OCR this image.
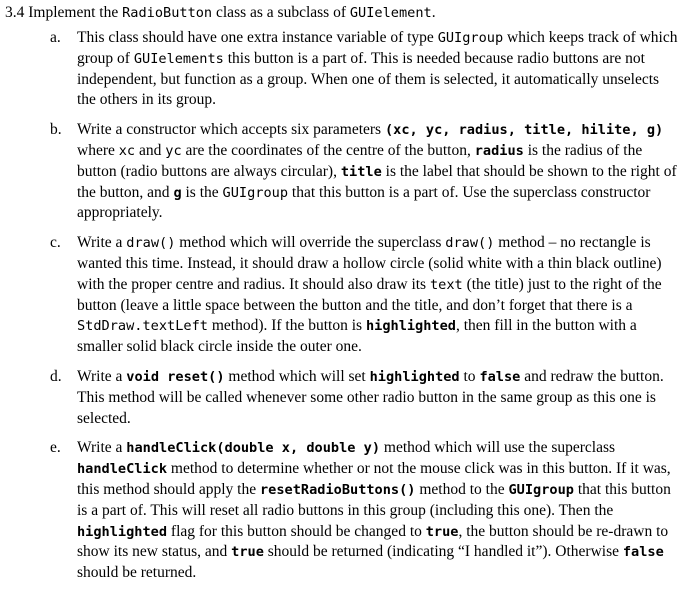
3.4 Implement the RadioButton class as a subclass of GUIelement.
a.	This class should have one extra instance variable of type GUIgroup which keeps track of which group of GUIelements this button is a part of. This is needed because radio buttons are not independent, but function as a group. When one of them is selected, it automatically unselects the others in its group.

b. Write a constructor which accepts six parameters (xc, yc, radius, title, hilite, g) where xc and yc are the coordinates of the centre of the button, radius is the radius of the button (radio buttons are always circular), title is the label that should be shown to the right of the button, and g is the GUIgroup that this button is a part of. Use the superclass constructor appropriately.

c.	Write a draw() method which will override the superclass draw() method – no rectangle is wanted this time. Instead, it should draw a hollow circle (solid white with a thin black outline) with the proper centre and radius. It should also draw its text (the title) just to the right of the button (leave a little space between the button and the title, and don’t forget that there is a StdDraw.textLeft method). If the button is highlighted, then fill in the button with a smaller solid black circle inside the outer one.

d. Write a void reset() method which will set highlighted to false and redraw the button. This method will be called whenever some other radio button in the same group as this one is selected.

e.	Write a handleClick(double x, double y) method which will use the superclass handleClick method to determine whether or not the mouse click was in this button. If it was, this method should apply the resetRadioButtons() method to the GUIgroup that this button is a part of. This will reset all radio buttons in this group (including this one). Then the highlighted flag for this button should be changed to true, the button should be re-drawn to show its new status, and true should be returned (indicating “I handled it”). Otherwise false should be returned.
